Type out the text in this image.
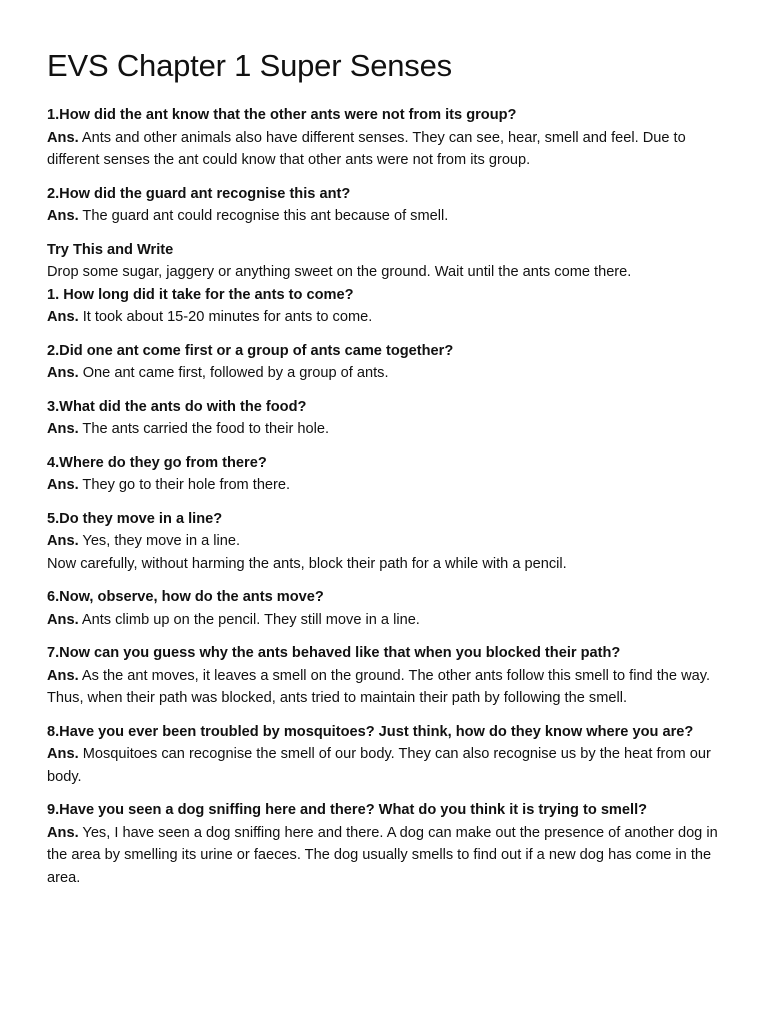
EVS Chapter 1 Super Senses
1.How did the ant know that the other ants were not from its group?
Ans. Ants and other animals also have different senses. They can see, hear, smell and feel. Due to different senses the ant could know that other ants were not from its group.
2.How did the guard ant recognise this ant?
Ans. The guard ant could recognise this ant because of smell.
Try This and Write
Drop some sugar, jaggery or anything sweet on the ground. Wait until the ants come there.
1. How long did it take for the ants to come?
Ans. It took about 15-20 minutes for ants to come.
2.Did one ant come first or a group of ants came together?
Ans. One ant came first, followed by a group of ants.
3.What did the ants do with the food?
Ans. The ants carried the food to their hole.
4.Where do they go from there?
Ans. They go to their hole from there.
5.Do they move in a line?
Ans. Yes, they move in a line.
Now carefully, without harming the ants, block their path for a while with a pencil.
6.Now, observe, how do the ants move?
Ans. Ants climb up on the pencil. They still move in a line.
7.Now can you guess why the ants behaved like that when you blocked their path?
Ans. As the ant moves, it leaves a smell on the ground. The other ants follow this smell to find the way. Thus, when their path was blocked, ants tried to maintain their path by following the smell.
8.Have you ever been troubled by mosquitoes? Just think, how do they know where you are?
Ans. Mosquitoes can recognise the smell of our body. They can also recognise us by the heat from our body.
9.Have you seen a dog sniffing here and there? What do you think it is trying to smell?
Ans. Yes, I have seen a dog sniffing here and there. A dog can make out the presence of another dog in the area by smelling its urine or faeces. The dog usually smells to find out if a new dog has come in the area.
